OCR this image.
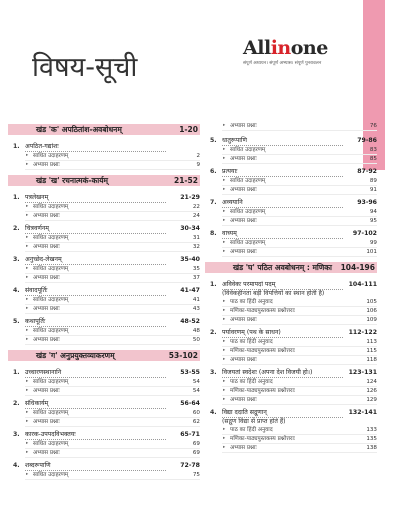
Allinone
संपूर्ण अध्ययन। संपूर्ण अभ्यास। संपूर्ण पुनरावलन
विषय-सूची
खंड 'क' अपठितांश-अवबोधनम्	1-20
1. अपठित-गद्यांशः
▸ साधित उदाहरणम्	2
▸ अभ्यास प्रश्नाः	9
खंड 'ख' रचनात्मकं-कार्यम्	21-52
1. पत्रलेखनम्	21-29
▸ साधित उदाहरणम्	22
▸ अभ्यास प्रश्नाः	24
2. चित्रवर्णनम्	30-34
▸ साधित उदाहरणम्	31
▸ अभ्यास प्रश्नाः	32
3. अनुच्छेद-लेखनम्	35-40
▸ साधित उदाहरणम्	35
▸ अभ्यास प्रश्नाः	37
4. संवादपूर्तिः	41-47
▸ साधित उदाहरणम्	41
▸ अभ्यास प्रश्नाः	43
5. कथापूर्तिः	48-52
▸ साधित उदाहरणम्	48
▸ अभ्यास प्रश्नाः	50
खंड 'ग' अनुप्रयुक्तव्याकरणम्	53-102
1. उच्चारणस्थानानि	53-55
▸ साधित उदाहरणम्	54
▸ अभ्यास प्रश्नाः	54
2. संधिकार्यम्	56-64
▸ साधित उदाहरणम्	60
▸ अभ्यास प्रश्नाः	62
3. कारक-उपपदविभक्तयः	65-71
▸ साधित उदाहरणम्	69
▸ अभ्यास प्रश्नाः	69
4. शब्दरूपाणि	72-78
▸ साधित उदाहरणम्	75
▸ अभ्यास प्रश्नाः	76
5. धातुरूपाणि	79-86
▸ साधित उदाहरणम्	83
▸ अभ्यास प्रश्नाः	85
6. प्रत्ययाः	87-92
▸ साधित उदाहरणम्	89
▸ अभ्यास प्रश्नाः	91
7. अव्ययानि	93-96
▸ साधित उदाहरणम्	94
▸ अभ्यास प्रश्नाः	95
8. वाच्यम्	97-102
▸ साधित उदाहरणम्	99
▸ अभ्यास प्रश्नाः	101
खंड 'घ' पठित अवबोधनम् : मणिका	104-196
1. अविवेकः परमापदां पदम्	104-111
(विवेकहीनता बड़ी विपत्तियों का स्थान होती है)
▸ पाठ का हिंदी अनुवाद	105
▸ मणिका-पाठ्यपुस्तकस्य प्रश्नोत्तराः	106
▸ अभ्यास प्रश्नाः	109
2. पर्यावरणम् (पथ के साधन)	112-122
▸ पाठ का हिंदी अनुवाद	113
▸ मणिका-पाठ्यपुस्तकस्य प्रश्नोत्तराः	115
▸ अभ्यास प्रश्नाः	118
3. विजयतां स्वदेशः (अपना देश विजयी हो।)	123-131
▸ पाठ का हिंदी अनुवाद	124
▸ मणिका-पाठ्यपुस्तकस्य प्रश्नोत्तराः	126
▸ अभ्यास प्रश्नाः	129
4. विद्या ददाति सद्गुणान्	132-141
(सद्गुण विद्या से प्राप्त होते हैं)
▸ पाठ का हिंदी अनुवाद	133
▸ मणिका-पाठ्यपुस्तकस्य प्रश्नोत्तराः	135
▸ अभ्यास प्रश्नाः	138
